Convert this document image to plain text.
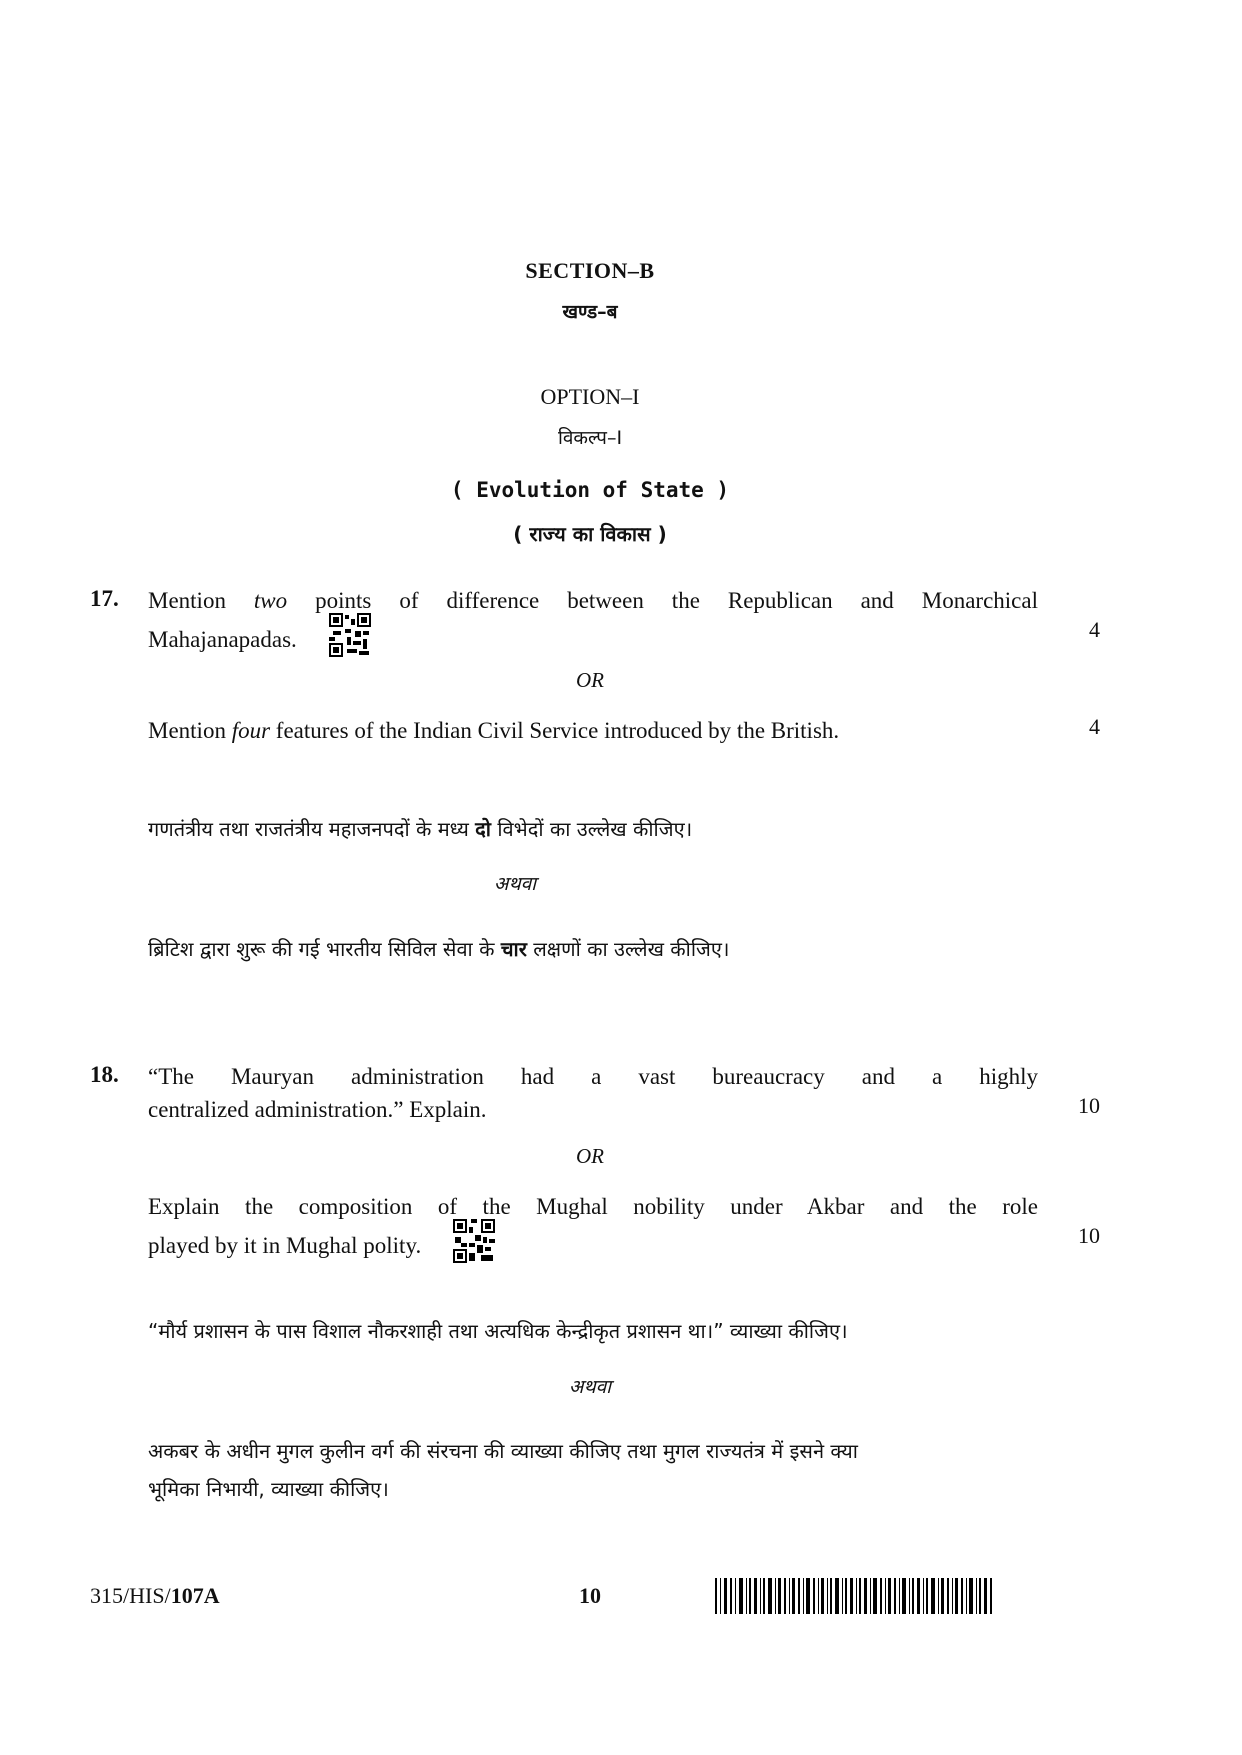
SECTION–B
खण्ड–ब
OPTION–I
विकल्प–I
( Evolution of State )
( राज्य का विकास )
17. Mention two points of difference between the Republican and Monarchical
Mahajanapadas.	4
OR
Mention four features of the Indian Civil Service introduced by the British.	4
गणतंत्रीय तथा राजतंत्रीय महाजनपदों के मध्य दो विभेदों का उल्लेख कीजिए।
अथवा
ब्रिटिश द्वारा शुरू की गई भारतीय सिविल सेवा के चार लक्षणों का उल्लेख कीजिए।
18. “The Mauryan administration had a vast bureaucracy and a highly
centralized administration.” Explain.	10
OR
Explain the composition of the Mughal nobility under Akbar and the role
played by it in Mughal polity.	10
“मौर्य प्रशासन के पास विशाल नौकरशाही तथा अत्यधिक केन्द्रीकृत प्रशासन था।” व्याख्या कीजिए।
अथवा
अकबर के अधीन मुगल कुलीन वर्ग की संरचना की व्याख्या कीजिए तथा मुगल राज्यतंत्र में इसने क्या
भूमिका निभायी, व्याख्या कीजिए।
315/HIS/107A	10
